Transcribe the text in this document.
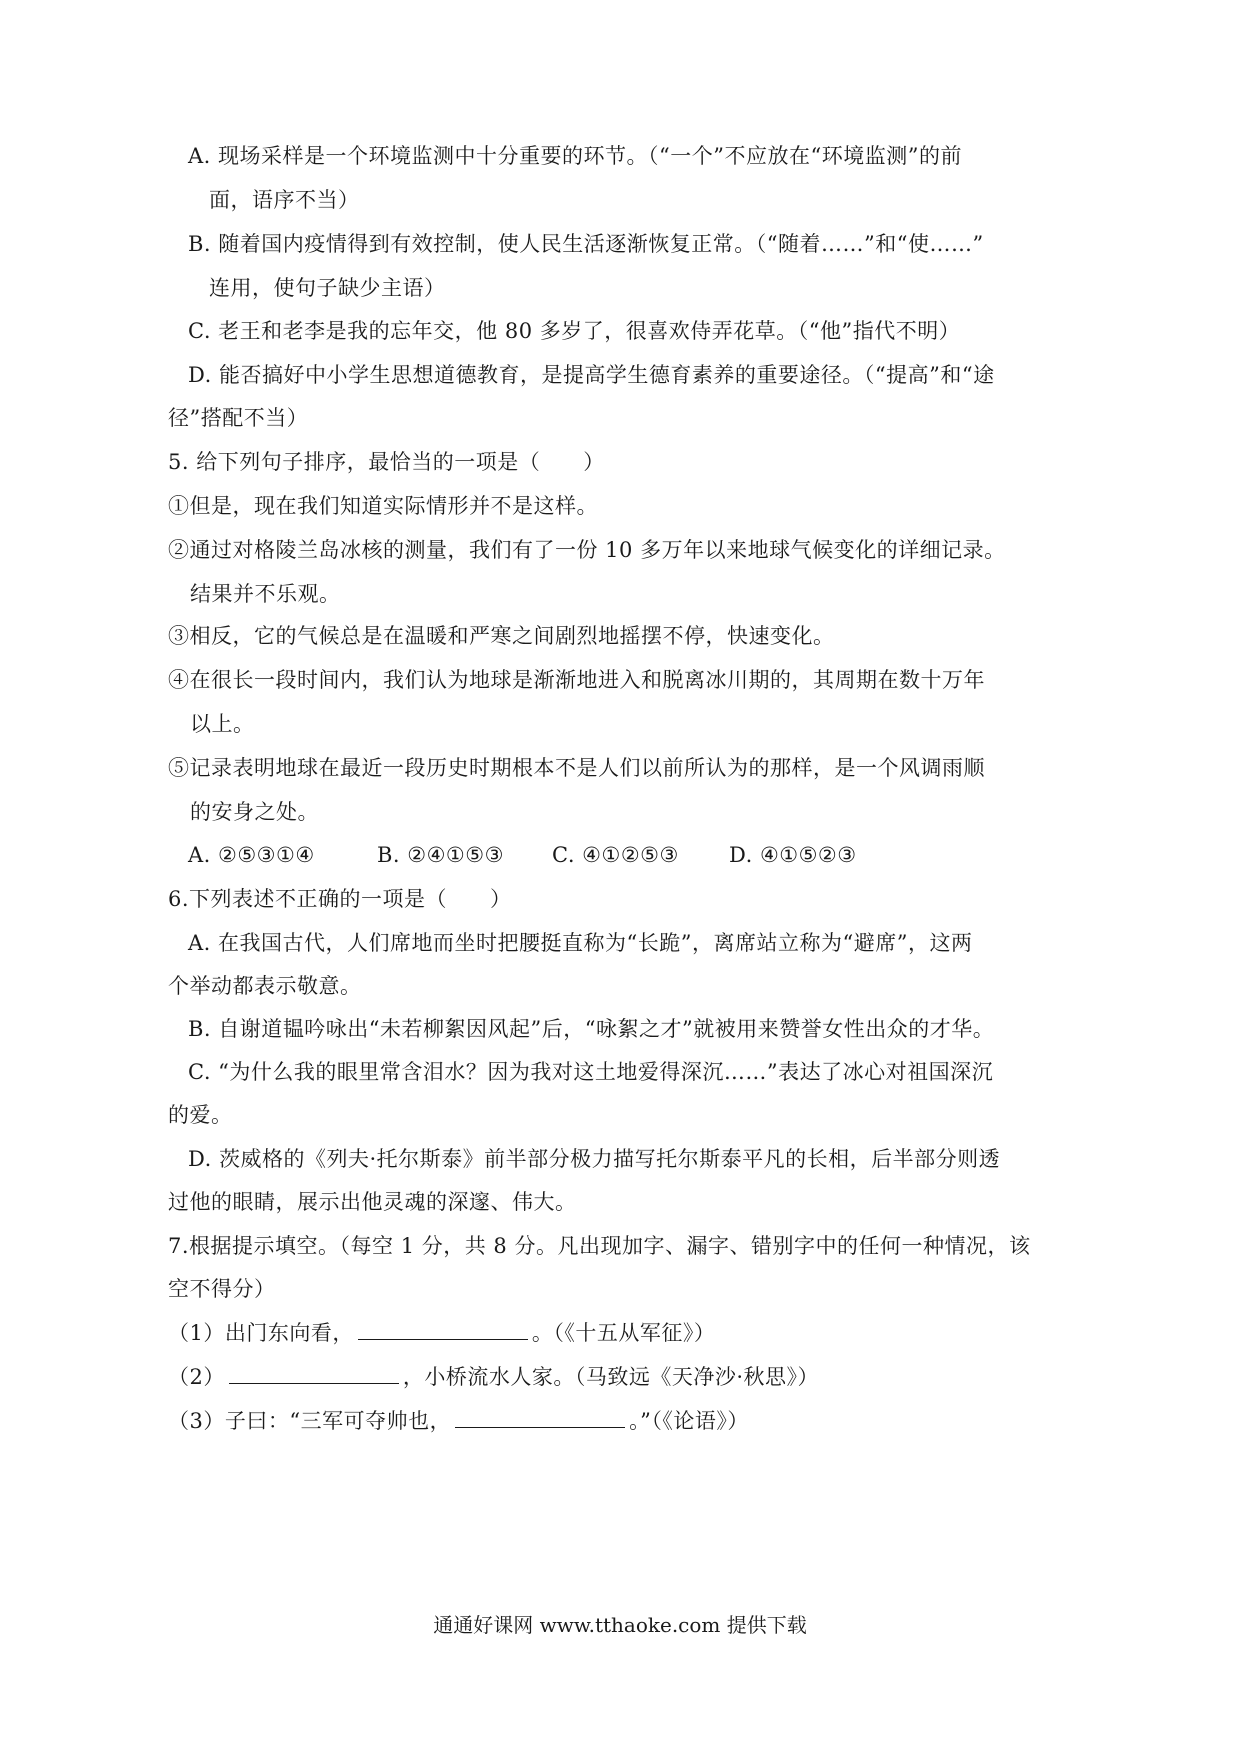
A. 现场采样是一个环境监测中十分重要的环节。（“一个”不应放在“环境监测”的前
面，语序不当）
B. 随着国内疫情得到有效控制，使人民生活逐渐恢复正常。（“随着……”和“使……”
连用，使句子缺少主语）
C. 老王和老李是我的忘年交，他 80 多岁了，很喜欢侍弄花草。（“他”指代不明）
D. 能否搞好中小学生思想道德教育，是提高学生德育素养的重要途径。（“提高”和“途
径”搭配不当）
5. 给下列句子排序，最恰当的一项是（　　）
①但是，现在我们知道实际情形并不是这样。
②通过对格陵兰岛冰核的测量，我们有了一份 10 多万年以来地球气候变化的详细记录。
结果并不乐观。
③相反，它的气候总是在温暖和严寒之间剧烈地摇摆不停，快速变化。
④在很长一段时间内，我们认为地球是渐渐地进入和脱离冰川期的，其周期在数十万年
以上。
⑤记录表明地球在最近一段历史时期根本不是人们以前所认为的那样，是一个风调雨顺
的安身之处。
A. ②⑤③①④	B. ②④①⑤③ C. ④①②⑤③ D. ④①⑤②③
6.下列表述不正确的一项是（　　）
A. 在我国古代，人们席地而坐时把腰挺直称为“长跪”，离席站立称为“避席”，这两
个举动都表示敬意。
B. 自谢道韫吟咏出“未若柳絮因风起”后，“咏絮之才”就被用来赞誉女性出众的才华。
C. “为什么我的眼里常含泪水？因为我对这土地爱得深沉……”表达了冰心对祖国深沉
的爱。
D. 茨威格的《列夫·托尔斯泰》前半部分极力描写托尔斯泰平凡的长相，后半部分则透
过他的眼睛，展示出他灵魂的深邃、伟大。
7.根据提示填空。（每空 1 分，共 8 分。凡出现加字、漏字、错别字中的任何一种情况，该
空不得分）
（1）出门东向看，	。（《十五从军征》）
（2）	，小桥流水人家。（马致远《天净沙·秋思》）
（3）子曰：“三军可夺帅也，	。”（《论语》）
通通好课网 www.tthaoke.com 提供下载
